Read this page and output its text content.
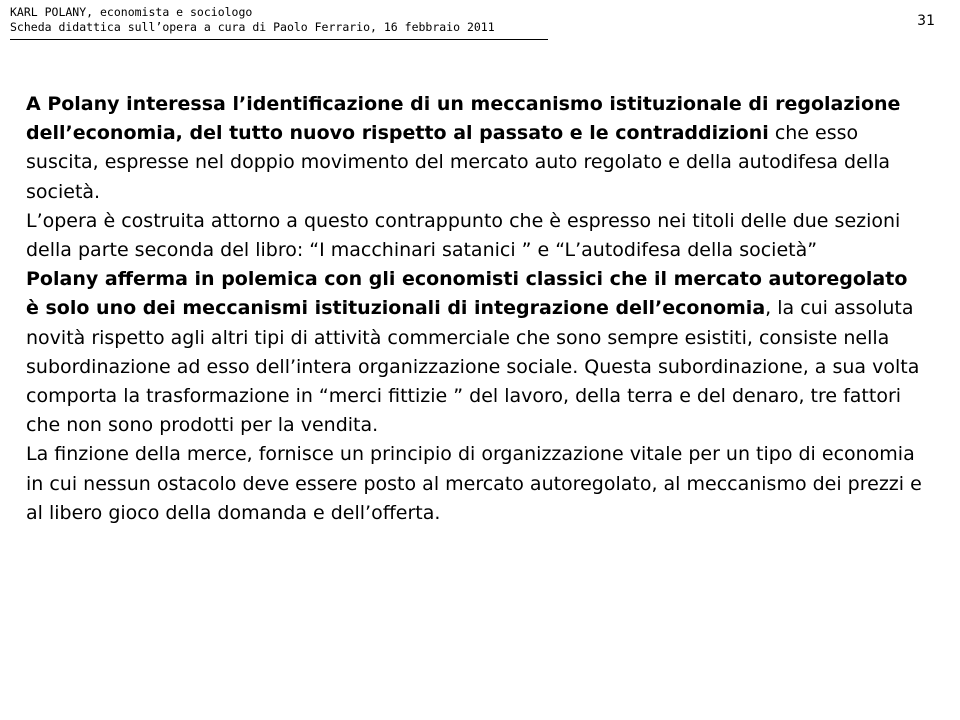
KARL POLANY, economista e sociologo
Scheda didattica sull’opera a cura di Paolo Ferrario, 16 febbraio 2011	31

A Polany interessa l’identificazione di un meccanismo istituzionale di regolazione dell’economia, del tutto nuovo rispetto al passato e le contraddizioni che esso suscita, espresse nel doppio movimento del mercato auto regolato e della autodifesa della società.

L’opera è costruita attorno a questo contrappunto che è espresso nei titoli delle due sezioni della parte seconda del libro: “I macchinari satanici ” e “L’autodifesa della società”

Polany afferma in polemica con gli economisti classici che il mercato autoregolato è solo uno dei meccanismi istituzionali di integrazione dell’economia, la cui assoluta novità rispetto agli altri tipi di attività commerciale che sono sempre esistiti, consiste nella subordinazione ad esso dell’intera organizzazione sociale. Questa subordinazione, a sua volta comporta la trasformazione in “merci fittizie ” del lavoro, della terra e del denaro, tre fattori che non sono prodotti per la vendita.

La finzione della merce, fornisce un principio di organizzazione vitale per un tipo di economia in cui nessun ostacolo deve essere posto al mercato autoregolato, al meccanismo dei prezzi e al libero gioco della domanda e dell’offerta.
